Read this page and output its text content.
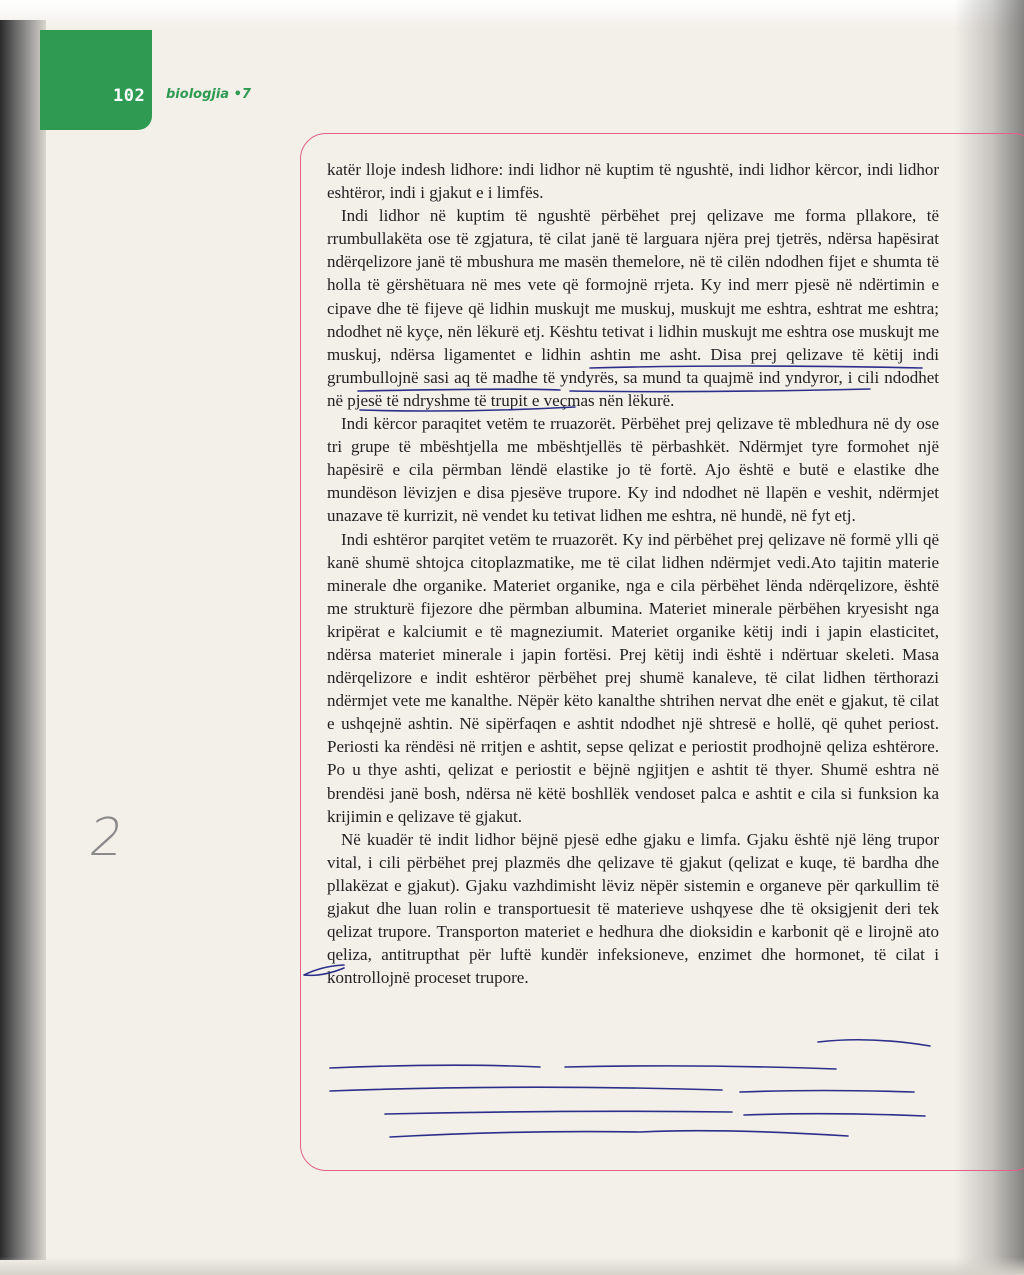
102 biologjia •7
2

katër lloje indesh lidhore: indi lidhor në kuptim të ngushtë, indi lidhor kërcor, indi lidhor eshtëror, indi i gjakut e i limfës.

Indi lidhor në kuptim të ngushtë përbëhet prej qelizave me forma pllakore, të rrumbullakëta ose të zgjatura, të cilat janë të larguara njëra prej tjetrës, ndërsa hapësirat ndërqelizore janë të mbushura me masën themelore, në të cilën ndodhen fijet e shumta të holla të gërshëtuara në mes vete që formojnë rrjeta. Ky ind merr pjesë në ndërtimin e cipave dhe të fijeve që lidhin muskujt me muskuj, muskujt me eshtra, eshtrat me eshtra; ndodhet në kyçe, nën lëkurë etj. Kështu tetivat i lidhin muskujt me eshtra ose muskujt me muskuj, ndërsa ligamentet e lidhin ashtin me asht. Disa prej qelizave të këtij indi grumbullojnë sasi aq të madhe të yndyrës, sa mund ta quajmë ind yndyror, i cili ndodhet në pjesë të ndryshme të trupit e veçmas nën lëkurë.

Indi kërcor paraqitet vetëm te rruazorët. Përbëhet prej qelizave të mbledhura në dy ose tri grupe të mbështjella me mbështjellës të përbashkët. Ndërmjet tyre formohet një hapësirë e cila përmban lëndë elastike jo të fortë. Ajo është e butë e elastike dhe mundëson lëvizjen e disa pjesëve trupore. Ky ind ndodhet në llapën e veshit, ndërmjet unazave të kurrizit, në vendet ku tetivat lidhen me eshtra, në hundë, në fyt etj.

Indi eshtëror parqitet vetëm te rruazorët. Ky ind përbëhet prej qelizave në formë ylli që kanë shumë shtojca citoplazmatike, me të cilat lidhen ndërmjet vedi.Ato tajitin materie minerale dhe organike. Materiet organike, nga e cila përbëhet lënda ndërqelizore, është me strukturë fijezore dhe përmban albumina. Materiet minerale përbëhen kryesisht nga kripërat e kalciumit e të magneziumit. Materiet organike këtij indi i japin elasticitet, ndërsa materiet minerale i japin fortësi. Prej këtij indi është i ndërtuar skeleti. Masa ndërqelizore e indit eshtëror përbëhet prej shumë kanaleve, të cilat lidhen tërthorazi ndërmjet vete me kanalthe. Nëpër këto kanalthe shtrihen nervat dhe enët e gjakut, të cilat e ushqejnë ashtin. Në sipërfaqen e ashtit ndodhet një shtresë e hollë, që quhet periost. Periosti ka rëndësi në rritjen e ashtit, sepse qelizat e periostit prodhojnë qeliza eshtërore. Po u thye ashti, qelizat e periostit e bëjnë ngjitjen e ashtit të thyer. Shumë eshtra në brendësi janë bosh, ndërsa në këtë boshllëk vendoset palca e ashtit e cila si funksion ka krijimin e qelizave të gjakut.

Në kuadër të indit lidhor bëjnë pjesë edhe gjaku e limfa. Gjaku është një lëng trupor vital, i cili përbëhet prej plazmës dhe qelizave të gjakut (qelizat e kuqe, të bardha dhe pllakëzat e gjakut). Gjaku vazhdimisht lëviz nëpër sistemin e organeve për qarkullim të gjakut dhe luan rolin e transportuesit të materieve ushqyese dhe të oksigjenit deri tek qelizat trupore. Transporton materiet e hedhura dhe dioksidin e karbonit që e lirojnë ato qeliza, antitrupthat për luftë kundër infeksioneve, enzimet dhe hormonet, të cilat i kontrollojnë proceset trupore.
